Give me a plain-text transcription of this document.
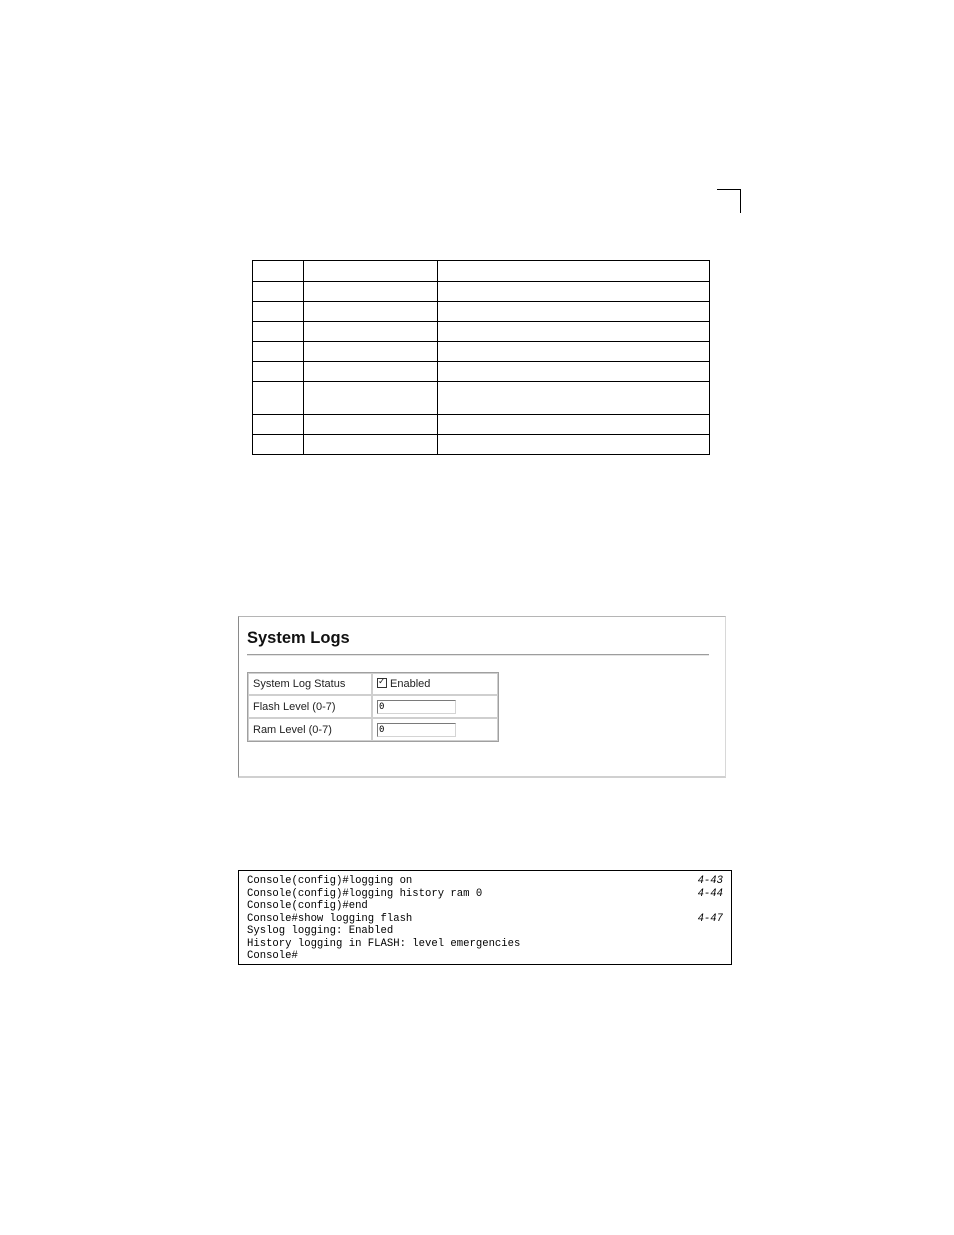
System Logs
System Log Status	✓ Enabled
Flash Level (0-7)	0
Ram Level (0-7)	0
Console(config)#logging on	4-43
Console(config)#logging history ram 0	4-44
Console(config)#end
Console#show logging flash	4-47
Syslog logging: Enabled
History logging in FLASH: level emergencies
Console#
